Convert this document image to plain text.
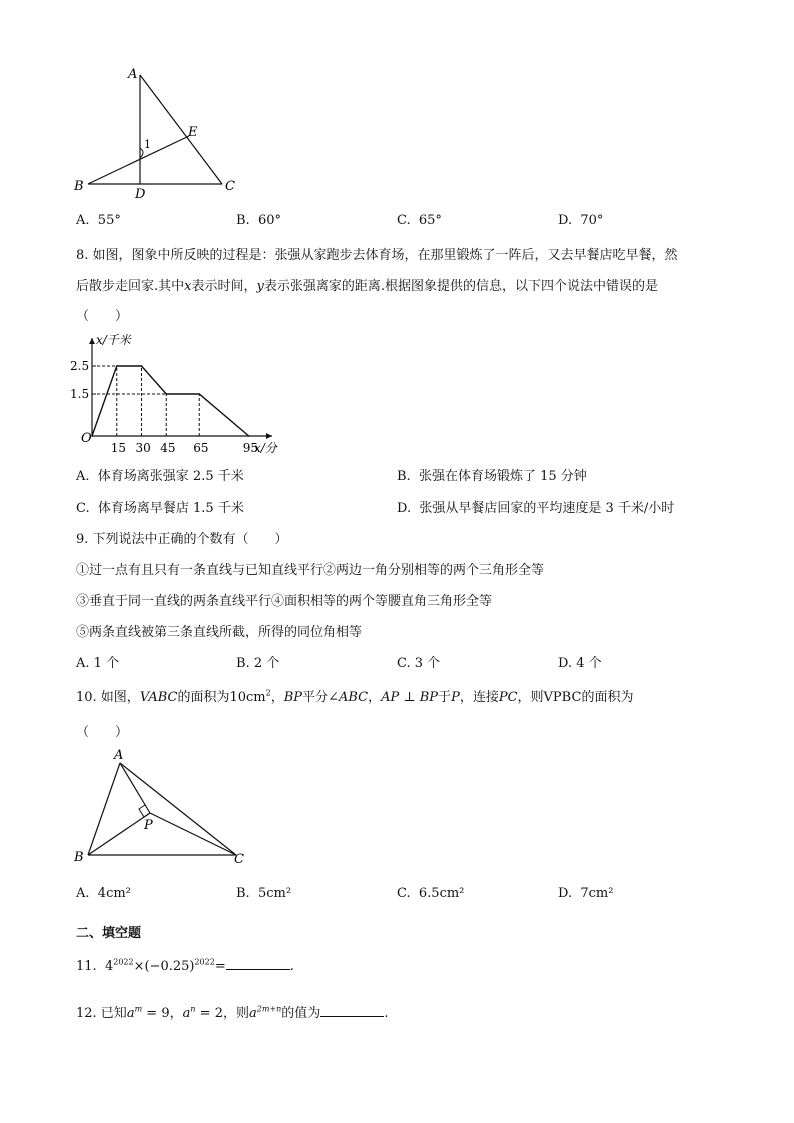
A
E
1
B
D
C
A. 55°	B. 60°	C. 65°	D. 70°
8. 如图，图象中所反映的过程是：张强从家跑步去体育场，在那里锻炼了一阵后，又去早餐店吃早餐，然
后散步走回家.其中x表示时间，y表示张强离家的距离.根据图象提供的信息，以下四个说法中错误的是
（　　）
x/千米
x/分
O
1.5
2.5
15 30 45 65	95
A. 体育场离张强家 2.5 千米	B. 张强在体育场锻炼了 15 分钟
C. 体育场离早餐店 1.5 千米	D. 张强从早餐店回家的平均速度是 3 千米/小时
9. 下列说法中正确的个数有（　　）
①过一点有且只有一条直线与已知直线平行②两边一角分别相等的两个三角形全等
③垂直于同一直线的两条直线平行④面积相等的两个等腰直角三角形全等
⑤两条直线被第三条直线所截，所得的同位角相等
A. 1 个	B. 2 个	C. 3 个	D. 4 个
10. 如图，VABC的面积为$10cm^2$，BP平分∠ABC，AP ⊥ BP于P，连接PC，则VPBC的面积为
（　　）
A
P
B	C
A. 4cm²	B. 5cm²	C. 6.5cm²	D. 7cm²
二、填空题
11. $4^{2022}\times(-0.25)^{2022}=$	.
12. 已知$a^m = 9$，$a^n = 2$，则$a^{2m+n}$的值为	.
